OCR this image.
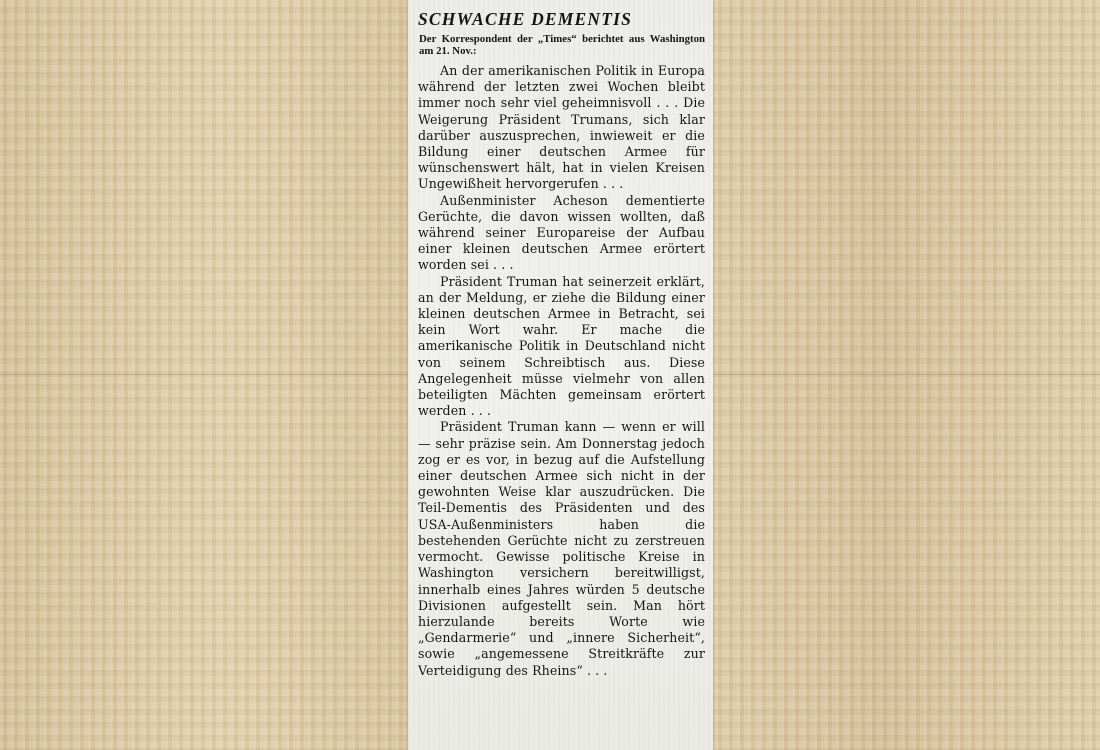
SCHWACHE DEMENTIS
Der Korrespondent der „Times“ berichtet aus Washington am 21. Nov.:

An der amerikanischen Politik in Europa während der letzten zwei Wochen bleibt immer noch sehr viel geheimnisvoll . . . Die Weigerung Präsident Trumans, sich klar darüber auszusprechen, inwieweit er die Bildung einer deutschen Armee für wünschenswert hält, hat in vielen Kreisen Ungewißheit hervorgerufen . . .

Außenminister Acheson dementierte Gerüchte, die davon wissen wollten, daß während seiner Europareise der Aufbau einer kleinen deutschen Armee erörtert worden sei . . .

Präsident Truman hat seinerzeit erklärt, an der Meldung, er ziehe die Bildung einer kleinen deutschen Armee in Betracht, sei kein Wort wahr. Er mache die amerikanische Politik in Deutschland nicht von seinem Schreibtisch aus. Diese Angelegenheit müsse vielmehr von allen beteiligten Mächten gemeinsam erörtert werden . . .

Präsident Truman kann — wenn er will — sehr präzise sein. Am Donnerstag jedoch zog er es vor, in bezug auf die Aufstellung einer deutschen Armee sich nicht in der gewohnten Weise klar auszudrücken. Die Teil-Dementis des Präsidenten und des USA-Außenministers haben die bestehenden Gerüchte nicht zu zerstreuen vermocht. Gewisse politische Kreise in Washington versichern bereitwilligst, innerhalb eines Jahres würden 5 deutsche Divisionen aufgestellt sein. Man hört hierzulande bereits Worte wie „Gendarmerie“ und „innere Sicherheit“, sowie „angemessene Streitkräfte zur Verteidigung des Rheins“ . . .
